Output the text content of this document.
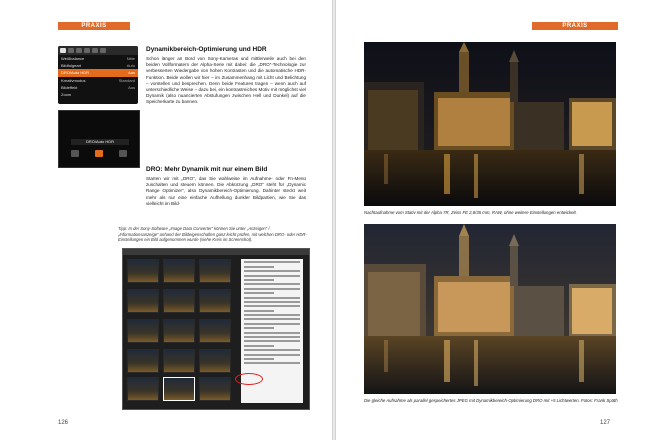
PRAXIS
Weißbalance	Nitte
Bildfolgeart	Auto
DRO/Auto HDR	Aus
Kreativmodus	Standard
Bildeffekt	Aus
Zoom
DRO/Auto HDR
Dynamikbereich-Optimierung und HDR

Schon länger an Bord von Sony-Kameras und mittlerweile auch bei den beiden Vollformatern der Alpha-Serie mit dabei: die „DRO“-Technologie zur verbesserten Wiedergabe von hohen Kontrasten und die automatische HDR-Funktion. Beide wollen wir hier – im Zusammenhang mit Licht und Belichtung – vorstellen und besprechen. Denn beide Features tragen – wenn auch auf unterschiedliche Weise – dazu bei, ein kontrastreiches Motiv mit möglichst viel Dynamik (also nuancierten Abstufungen zwischen Hell und Dunkel) auf die Speicherkarte zu bannen.

DRO: Mehr Dynamik mit nur einem Bild

Starten wir mit „DRO“, das Sie wahlweise im Aufnahme- oder Fn-Menü zuschalten und steuern können. Die Abkürzung „DRO“ steht für „Dynamic Range Optimizer“, also Dynamikbereich-Optimierung. Dahinter steckt weit mehr als nur eine einfache Aufhellung dunkler Bildpartien, wie Sie das vielleicht im Bild-

Tipp: In der Sony-Software „Image Data Converter“ können Sie unter „Anzeigen“ / „Informationsanzeige“ anhand der Bildeigenschaften ganz leicht prüfen, mit welchen DRO- oder HDR-Einstellungen ein Bild aufgenommen wurde (siehe Kreis im Screenshot).

126
PRAXIS

Nachtaufnahme vom Stativ mit der Alpha 7R, Zeiss FE 2,8/35 mm, RAW, ohne weitere Einstellungen entwickelt.

Die gleiche Aufnahme als parallel gespeichertes JPEG mit Dynamikbereich-Optimierung DRO mit +5 Lichtwerten. Fotos: Frank Späth

127
